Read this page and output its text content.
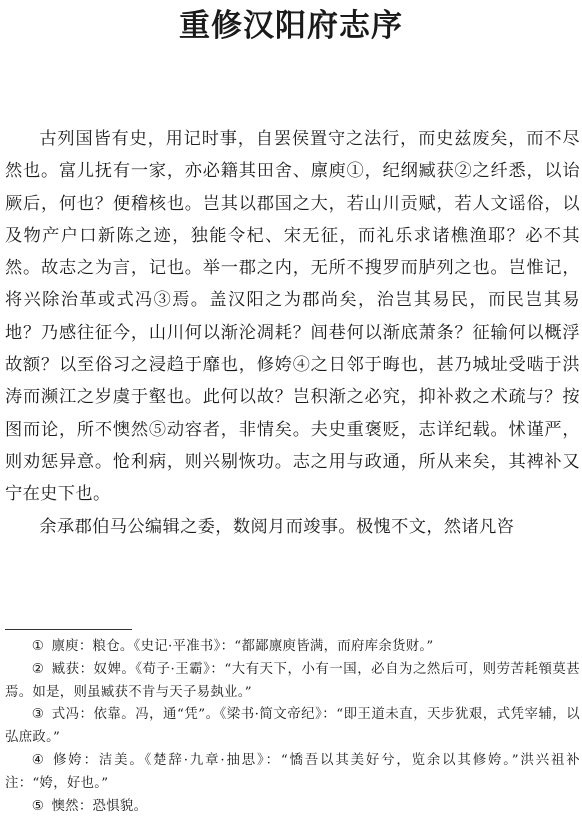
重修汉阳府志序

古列国皆有史，用记时事，自罢侯置守之法行，而史兹废矣，而不尽然也。富儿抚有一家，亦必籍其田舍、廪庾①，纪纲臧获②之纤悉，以诒厥后，何也？便稽核也。岂其以郡国之大，若山川贡赋，若人文谣俗，以及物产户口新陈之迹，独能令杞、宋无征，而礼乐求诸樵渔耶？必不其然。故志之为言，记也。举一郡之内，无所不搜罗而胪列之也。岂惟记，将兴除治革或式冯③焉。盖汉阳之为郡尚矣，治岂其易民，而民岂其易地？乃感往征今，山川何以渐沦凋耗？闾巷何以渐底萧条？征输何以概浮故额？以至俗习之浸趋于靡也，修姱④之日邻于晦也，甚乃城址受啮于洪涛而濒江之岁虞于壑也。此何以故？岂积渐之必究，抑补救之术疏与？按图而论，所不懊然⑤动容者，非情矣。夫史重褒贬，志详纪载。怵谨严，则劝惩异意。怆利病，则兴剔恢功。志之用与政通，所从来矣，其裨补又宁在史下也。

余承郡伯马公编辑之委，数阅月而竣事。极愧不文，然诸凡咨

① 廪庾：粮仓。《史记·平准书》：“都鄙廪庾皆满，而府库余货财。”

② 臧获：奴婢。《荀子·王霸》：“大有天下，小有一国，必自为之然后可，则劳苦耗顇莫甚焉。如是，则虽臧获不肯与天子易埶业。”

③ 式冯：依靠。冯，通“凭”。《梁书·简文帝纪》：“即王道未直，天步犹艰，式凭宰辅，以弘庶政。”

④ 修姱：洁美。《楚辞·九章·抽思》：“憍吾以其美好兮，览余以其修姱。”洪兴祖补注：“姱，好也。”

⑤ 懊然：恐惧貌。
